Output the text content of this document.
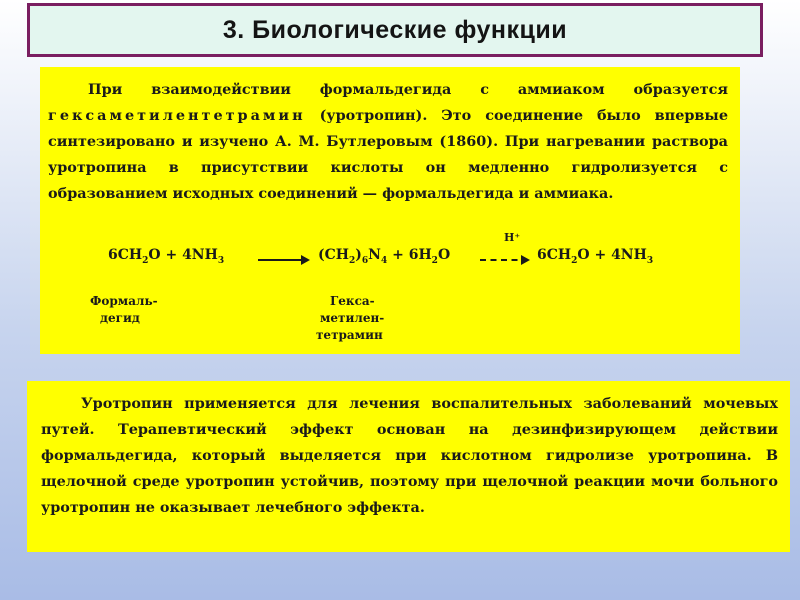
3. Биологические функции

При взаимодействии формальдегида с аммиаком образуется гексаметилентетрамин (уротропин). Это соединение было впервые синтезировано и изучено А. М. Бутлеровым (1860). При нагревании раствора уротропина в присутствии кислоты он медленно гидролизуется с образованием исходных соединений — формальдегида и аммиака.

$6CH_2O + 4NH_3$	$(CH_2)_6N_4 + 6H_2O$	$6CH_2O + 4NH_3$
H⁺
Формаль-
дегид
Гекса-
метилен-
тетрамин

Уротропин применяется для лечения воспалительных заболеваний мочевых путей. Терапевтический эффект основан на дезинфизирующем действии формальдегида, который выделяется при кислотном гидролизе уротропина. В щелочной среде уротропин устойчив, поэтому при щелочной реакции мочи больного уротропин не оказывает лечебного эффекта.
